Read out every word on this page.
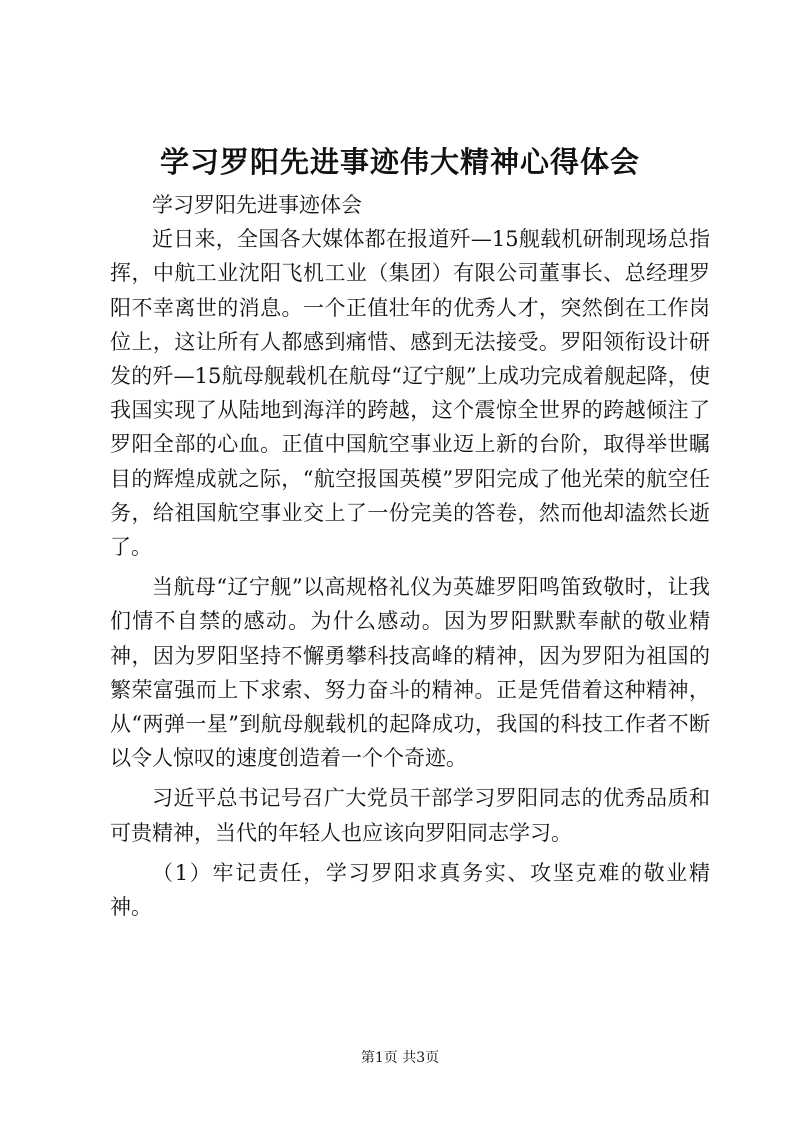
学习罗阳先进事迹伟大精神心得体会

学习罗阳先进事迹体会

近日来，全国各大媒体都在报道歼—15舰载机研制现场总指挥，中航工业沈阳飞机工业（集团）有限公司董事长、总经理罗阳不幸离世的消息。一个正值壮年的优秀人才，突然倒在工作岗位上，这让所有人都感到痛惜、感到无法接受。罗阳领衔设计研发的歼—15航母舰载机在航母“辽宁舰”上成功完成着舰起降，使我国实现了从陆地到海洋的跨越，这个震惊全世界的跨越倾注了罗阳全部的心血。正值中国航空事业迈上新的台阶，取得举世瞩目的辉煌成就之际，“航空报国英模”罗阳完成了他光荣的航空任务，给祖国航空事业交上了一份完美的答卷，然而他却溘然长逝了。

当航母“辽宁舰”以高规格礼仪为英雄罗阳鸣笛致敬时，让我们情不自禁的感动。为什么感动。因为罗阳默默奉献的敬业精神，因为罗阳坚持不懈勇攀科技高峰的精神，因为罗阳为祖国的繁荣富强而上下求索、努力奋斗的精神。正是凭借着这种精神，从“两弹一星”到航母舰载机的起降成功，我国的科技工作者不断以令人惊叹的速度创造着一个个奇迹。

习近平总书记号召广大党员干部学习罗阳同志的优秀品质和可贵精神，当代的年轻人也应该向罗阳同志学习。

（1）牢记责任，学习罗阳求真务实、攻坚克难的敬业精神。

第1页 共3页
